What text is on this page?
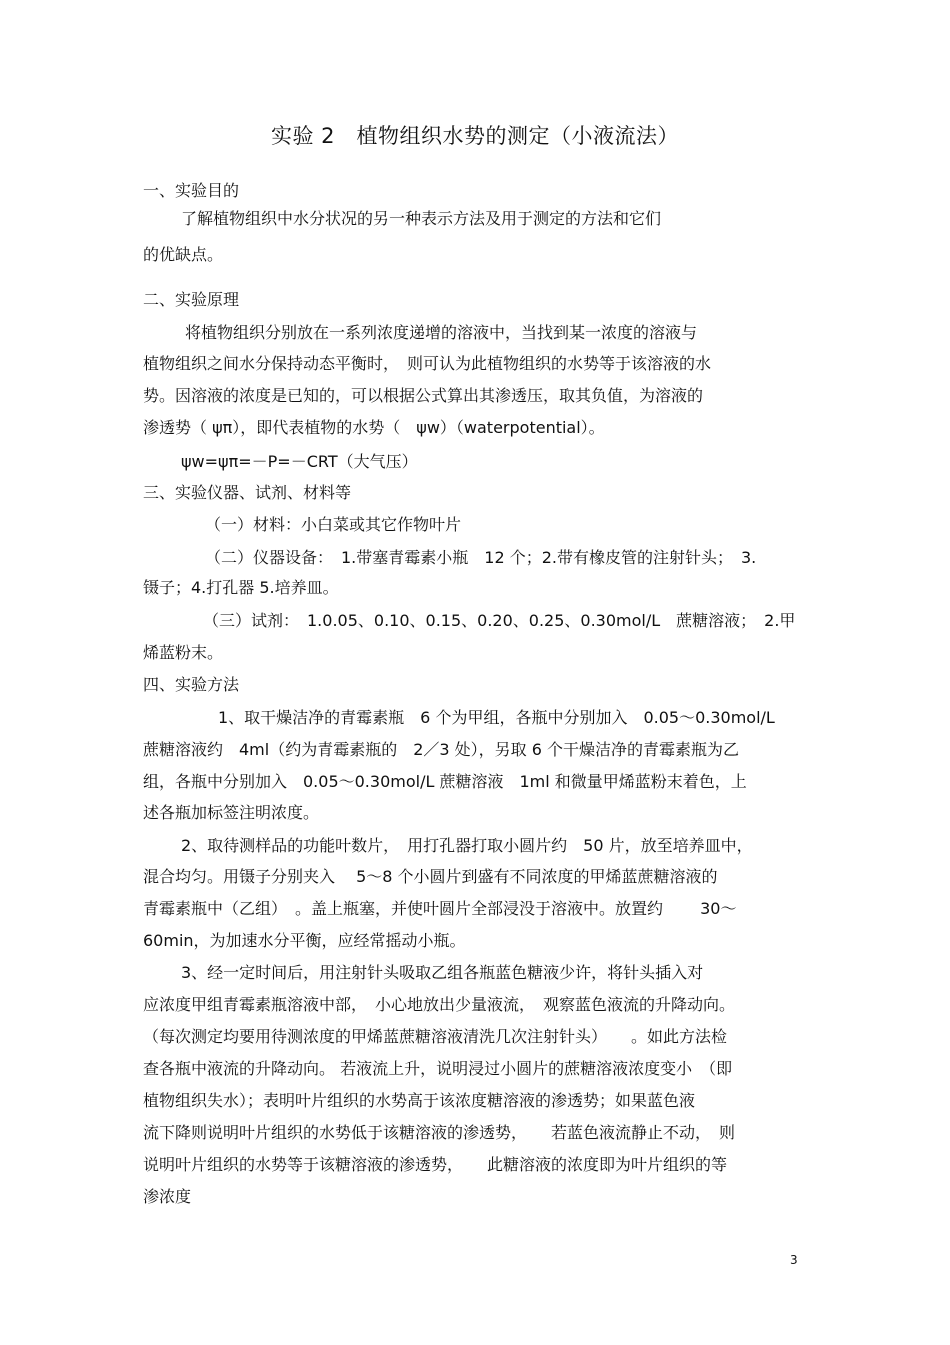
实验 2　植物组织水势的测定（小液流法）
一、实验目的
了解植物组织中水分状况的另一种表示方法及用于测定的方法和它们
的优缺点。
二、实验原理
将植物组织分别放在一系列浓度递增的溶液中，当找到某一浓度的溶液与
植物组织之间水分保持动态平衡时，　则可认为此植物组织的水势等于该溶液的水
势。因溶液的浓度是已知的，可以根据公式算出其渗透压，取其负值，为溶液的
渗透势（ ψπ），即代表植物的水势（　ψw）（waterpotential）。
ψw=ψπ=－P=－CRT（大气压）
三、实验仪器、试剂、材料等
（一）材料：小白菜或其它作物叶片
（二）仪器设备：　1.带塞青霉素小瓶　12 个；2.带有橡皮管的注射针头；　3.
镊子；4.打孔器 5.培养皿。
（三）试剂：　1.0.05、0.10、0.15、0.20、0.25、0.30mol/L　蔗糖溶液；　2.甲
烯蓝粉末。
四、实验方法
1、取干燥洁净的青霉素瓶　6 个为甲组，各瓶中分别加入　0.05～0.30mol/L
蔗糖溶液约　4ml（约为青霉素瓶的　2／3 处），另取 6 个干燥洁净的青霉素瓶为乙
组，各瓶中分别加入　0.05～0.30mol/L 蔗糖溶液　1ml 和微量甲烯蓝粉末着色，上
述各瓶加标签注明浓度。
2、取待测样品的功能叶数片，　用打孔器打取小圆片约　50 片，放至培养皿中，
混合均匀。用镊子分别夹入　 5～8 个小圆片到盛有不同浓度的甲烯蓝蔗糖溶液的
青霉素瓶中（乙组）　。盖上瓶塞，并使叶圆片全部浸没于溶液中。放置约　　 30～
60min，为加速水分平衡，应经常摇动小瓶。
3、经一定时间后，用注射针头吸取乙组各瓶蓝色糖液少许，将针头插入对
应浓度甲组青霉素瓶溶液中部，　小心地放出少量液流，　观察蓝色液流的升降动向。
（每次测定均要用待测浓度的甲烯蓝蔗糖溶液清洗几次注射针头）　　。如此方法检
查各瓶中液流的升降动向。 若液流上升，说明浸过小圆片的蔗糖溶液浓度变小　（即
植物组织失水）；表明叶片组织的水势高于该浓度糖溶液的渗透势；如果蓝色液
流下降则说明叶片组织的水势低于该糖溶液的渗透势，　　若蓝色液流静止不动，　则
说明叶片组织的水势等于该糖溶液的渗透势，　　此糖溶液的浓度即为叶片组织的等
渗浓度
3
